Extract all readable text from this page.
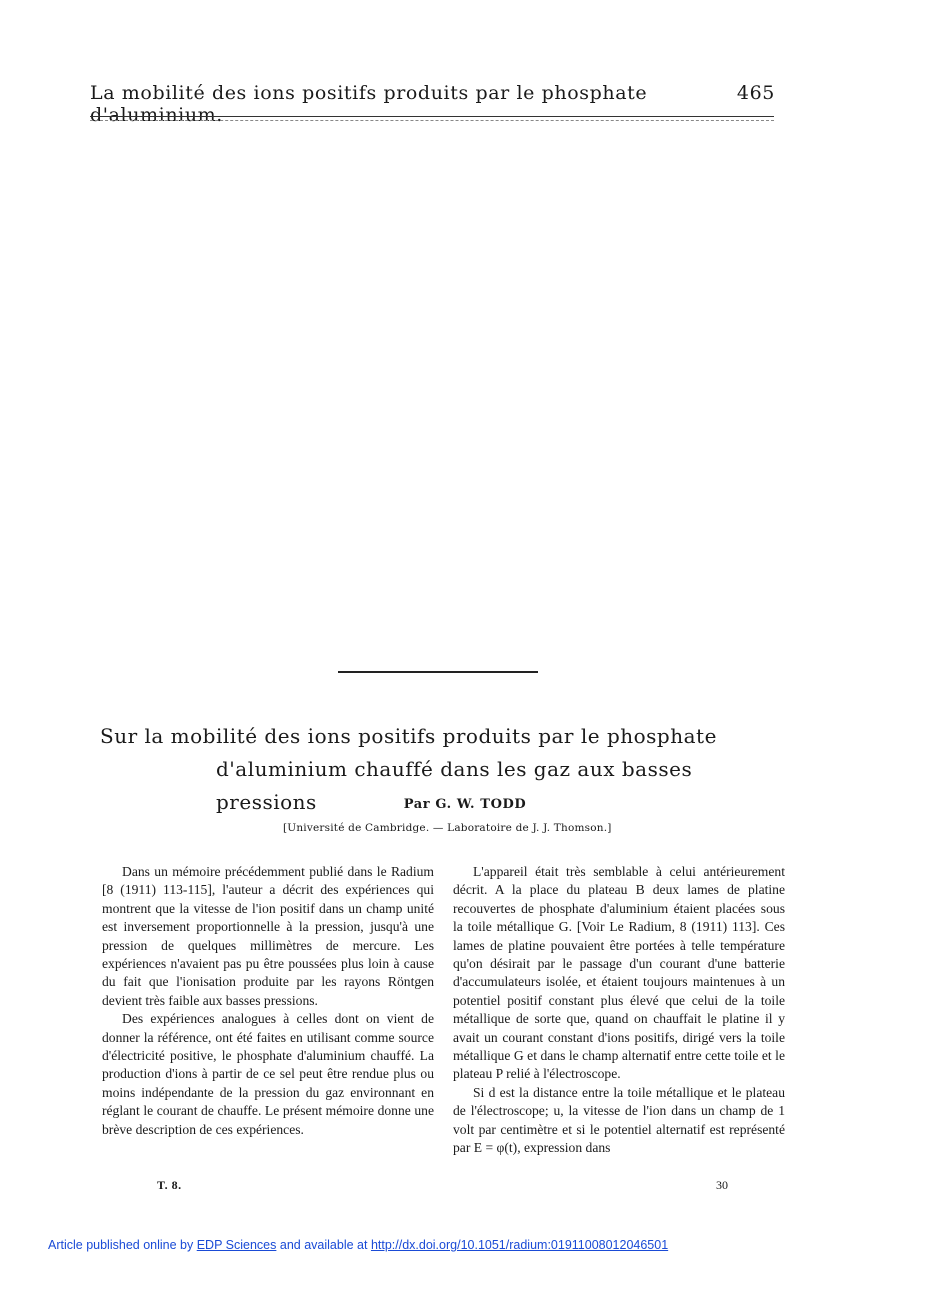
La mobilité des ions positifs produits par le phosphate d'aluminium.
465
Sur la mobilité des ions positifs produits par le phosphate
d'aluminium chauffé dans les gaz aux basses pressions	Par G. W. TODD
[Université de Cambridge. — Laboratoire de J. J. Thomson.]

Dans un mémoire précédemment publié dans le Radium [8 (1911) 113-115], l'auteur a décrit des expériences qui montrent que la vitesse de l'ion positif dans un champ unité est inversement proportionnelle à la pression, jusqu'à une pression de quelques millimètres de mercure. Les expériences n'avaient pas pu être poussées plus loin à cause du fait que l'ionisation produite par les rayons Röntgen devient très faible aux basses pressions.

Des expériences analogues à celles dont on vient de donner la référence, ont été faites en utilisant comme source d'électricité positive, le phosphate d'aluminium chauffé. La production d'ions à partir de ce sel peut être rendue plus ou moins indépendante de la pression du gaz environnant en réglant le courant de chauffe. Le présent mémoire donne une brève description de ces expériences.

L'appareil était très semblable à celui antérieurement décrit. A la place du plateau B deux lames de platine recouvertes de phosphate d'aluminium étaient placées sous la toile métallique G. [Voir Le Radium, 8 (1911) 113]. Ces lames de platine pouvaient être portées à telle température qu'on désirait par le passage d'un courant d'une batterie d'accumulateurs isolée, et étaient toujours maintenues à un potentiel positif constant plus élevé que celui de la toile métallique de sorte que, quand on chauffait le platine il y avait un courant constant d'ions positifs, dirigé vers la toile métallique G et dans le champ alternatif entre cette toile et le plateau P relié à l'électroscope.

Si d est la distance entre la toile métallique et le plateau de l'électroscope; u, la vitesse de l'ion dans un champ de 1 volt par centimètre et si le potentiel alternatif est représenté par E = φ(t), expression dans

T. 8.	30
Article published online by EDP Sciences and available at http://dx.doi.org/10.1051/radium:01911008012046501
